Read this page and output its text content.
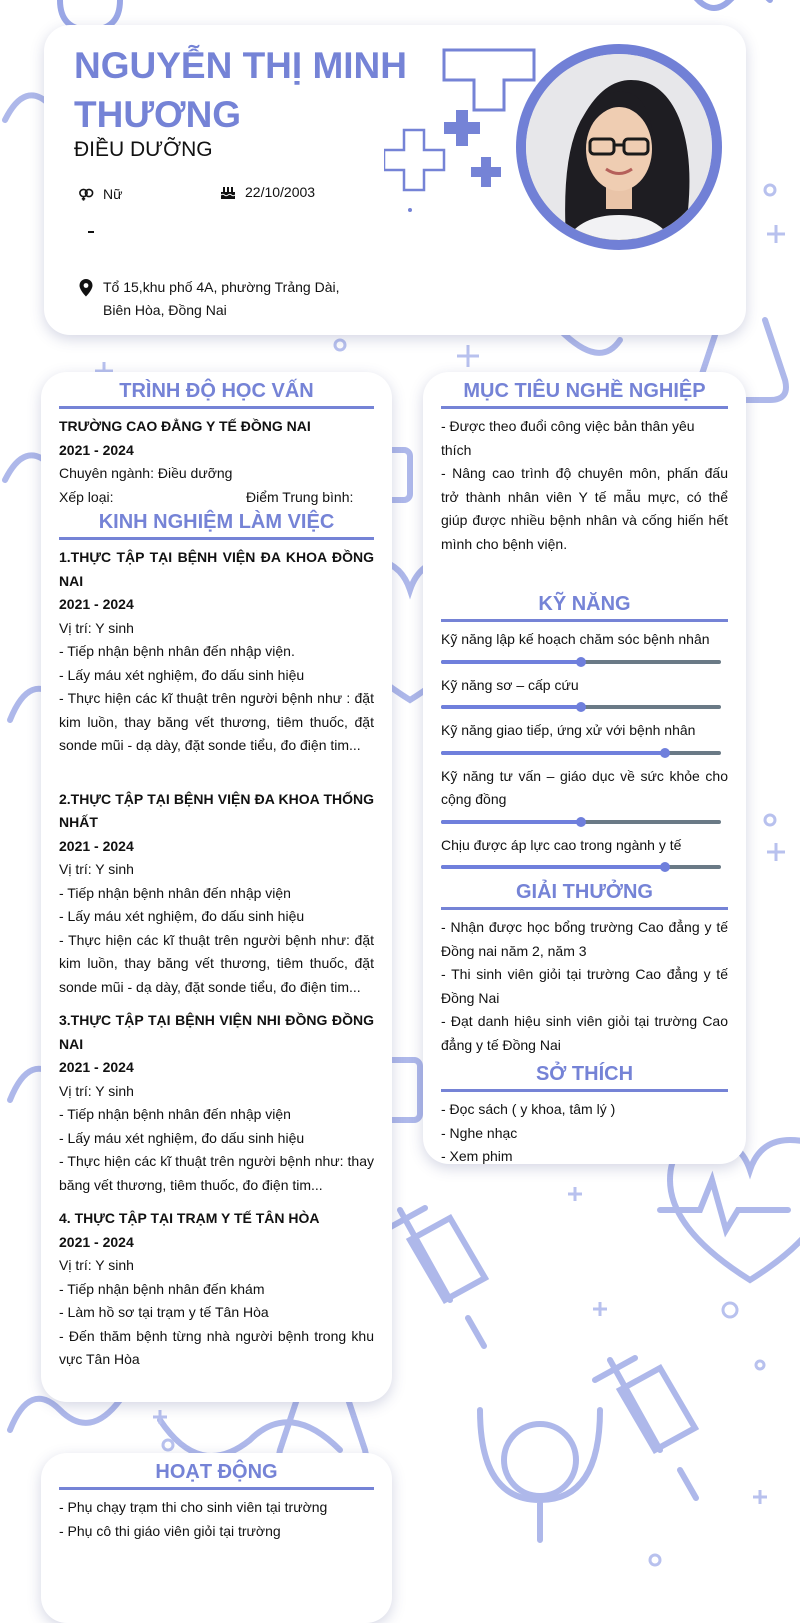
NGUYỄN THỊ MINH THƯƠNG
ĐIỀU DƯỠNG
Nữ	22/10/2003
Tổ 15,khu phố 4A, phường Trảng Dài, Biên Hòa, Đồng Nai
TRÌNH ĐỘ HỌC VẤN
TRƯỜNG CAO ĐẲNG Y TẾ ĐỒNG NAI
2021 - 2024
Chuyên ngành: Điều dưỡng
Xếp loại:	Điểm Trung bình:
KINH NGHIỆM LÀM VIỆC
1.THỰC TẬP TẠI BỆNH VIỆN ĐA KHOA ĐỒNG NAI
2021 - 2024
Vị trí: Y sinh
- Tiếp nhận bệnh nhân đến nhập viện.
- Lấy máu xét nghiệm, đo dấu sinh hiệu
- Thực hiện các kĩ thuật trên người bệnh như : đặt kim luồn, thay băng vết thương, tiêm thuốc, đặt sonde mũi - dạ dày, đặt sonde tiểu, đo điện tim...
2.THỰC TẬP TẠI BỆNH VIỆN ĐA KHOA THỐNG NHẤT
2021 - 2024
Vị trí: Y sinh
- Tiếp nhận bệnh nhân đến nhập viện
- Lấy máu xét nghiệm, đo dấu sinh hiệu
- Thực hiện các kĩ thuật trên người bệnh như: đặt kim luồn, thay băng vết thương, tiêm thuốc, đặt sonde mũi - dạ dày, đặt sonde tiểu, đo điện tim...
3.THỰC TẬP TẠI BỆNH VIỆN NHI ĐỒNG ĐỒNG NAI
2021 - 2024
Vị trí: Y sinh
- Tiếp nhận bệnh nhân đến nhập viện
- Lấy máu xét nghiệm, đo dấu sinh hiệu
- Thực hiện các kĩ thuật trên người bệnh như: thay băng vết thương, tiêm thuốc, đo điện tim...
4. THỰC TẬP TẠI TRẠM Y TẾ TÂN HÒA
2021 - 2024
Vị trí: Y sinh
- Tiếp nhận bệnh nhân đến khám
- Làm hồ sơ tại trạm y tế Tân Hòa
- Đến thăm bệnh từng nhà người bệnh trong khu vực Tân Hòa
MỤC TIÊU NGHỀ NGHIỆP
- Được theo đuổi công việc bản thân yêu thích
- Nâng cao trình độ chuyên môn, phấn đấu trở thành nhân viên Y tế mẫu mực, có thể giúp được nhiều bệnh nhân và cống hiến hết mình cho bệnh viện.
KỸ NĂNG
Kỹ năng lập kế hoạch chăm sóc bệnh nhân
Kỹ năng sơ – cấp cứu
Kỹ năng giao tiếp, ứng xử với bệnh nhân
Kỹ năng tư vấn – giáo dục về sức khỏe cho cộng đồng
Chịu được áp lực cao trong ngành y tế
GIẢI THƯỞNG
- Nhận được học bổng trường Cao đẳng y tế Đồng nai năm 2, năm 3
- Thi sinh viên giỏi tại trường Cao đẳng y tế Đồng Nai
- Đạt danh hiệu sinh viên giỏi tại trường Cao đẳng y tế Đồng Nai
SỞ THÍCH
- Đọc sách ( y khoa, tâm lý )
- Nghe nhạc
- Xem phim
HOẠT ĐỘNG
- Phụ chạy trạm thi cho sinh viên tại trường
- Phụ cô thi giáo viên giỏi tại trường
